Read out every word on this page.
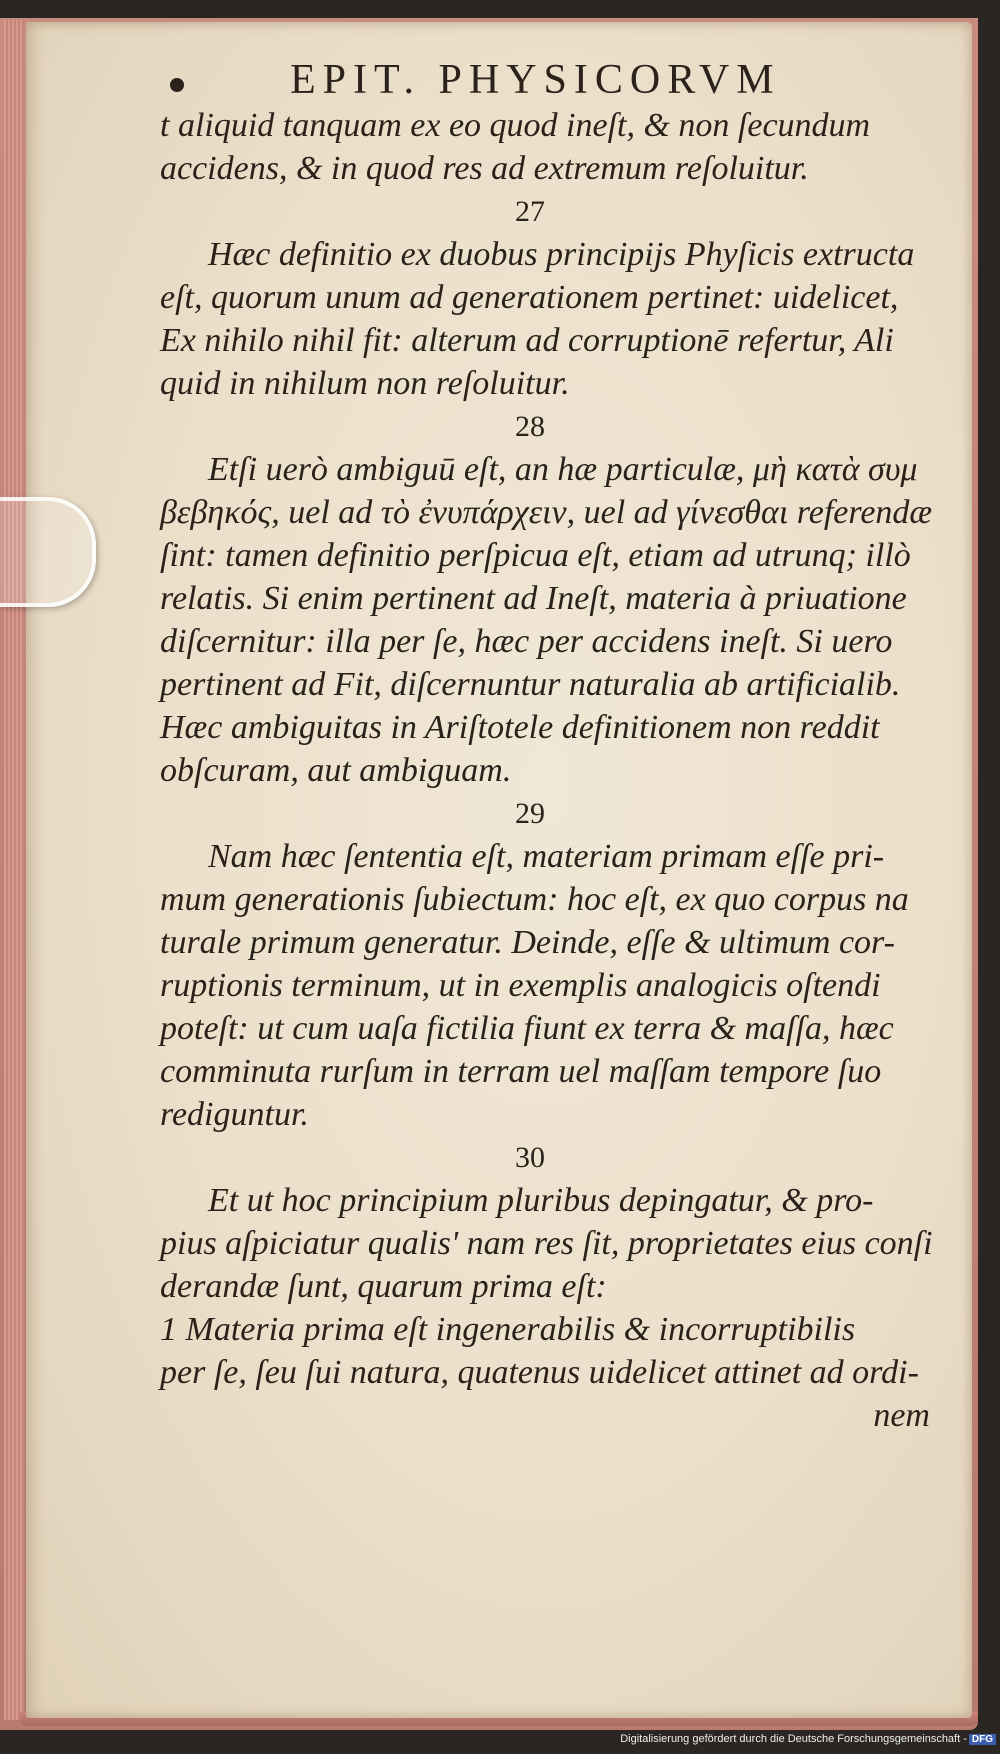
EPIT. PHYSICORVM
t aliquid tanquam ex eo quod ineſt, & non ſecundum
accidens, & in quod res ad extremum reſoluitur.
27
Hæc definitio ex duobus principijs Phyſicis extructa
eſt, quorum unum ad generationem pertinet: uidelicet,
Ex nihilo nihil fit: alterum ad corruptionē refertur, Ali
quid in nihilum non reſoluitur.
28
Etſi uerò ambiguū eſt, an hæ particulæ, μὴ κατὰ συμ
βεβηκός, uel ad τὸ ἐνυπάρχειν, uel ad γίνεσθαι referendæ
ſint: tamen definitio perſpicua eſt, etiam ad utrunq; illò
relatis. Si enim pertinent ad Ineſt, materia à priuatione
diſcernitur: illa per ſe, hæc per accidens ineſt. Si uero
pertinent ad Fit, diſcernuntur naturalia ab artificialib.
Hæc ambiguitas in Ariſtotele definitionem non reddit
obſcuram, aut ambiguam.
29
Nam hæc ſententia eſt, materiam primam eſſe pri-
mum generationis ſubiectum: hoc eſt, ex quo corpus na
turale primum generatur. Deinde, eſſe & ultimum cor-
ruptionis terminum, ut in exemplis analogicis oſtendi
poteſt: ut cum uaſa fictilia fiunt ex terra & maſſa, hæc
comminuta rurſum in terram uel maſſam tempore ſuo
rediguntur.
30
Et ut hoc principium pluribus depingatur, & pro-
pius aſpiciatur qualis' nam res ſit, proprietates eius conſi
derandæ ſunt, quarum prima eſt:
1 Materia prima eſt ingenerabilis & incorruptibilis
per ſe, ſeu ſui natura, quatenus uidelicet attinet ad ordi-
nem
Digitalisierung gefördert durch die Deutsche Forschungsgemeinschaft - DFG
